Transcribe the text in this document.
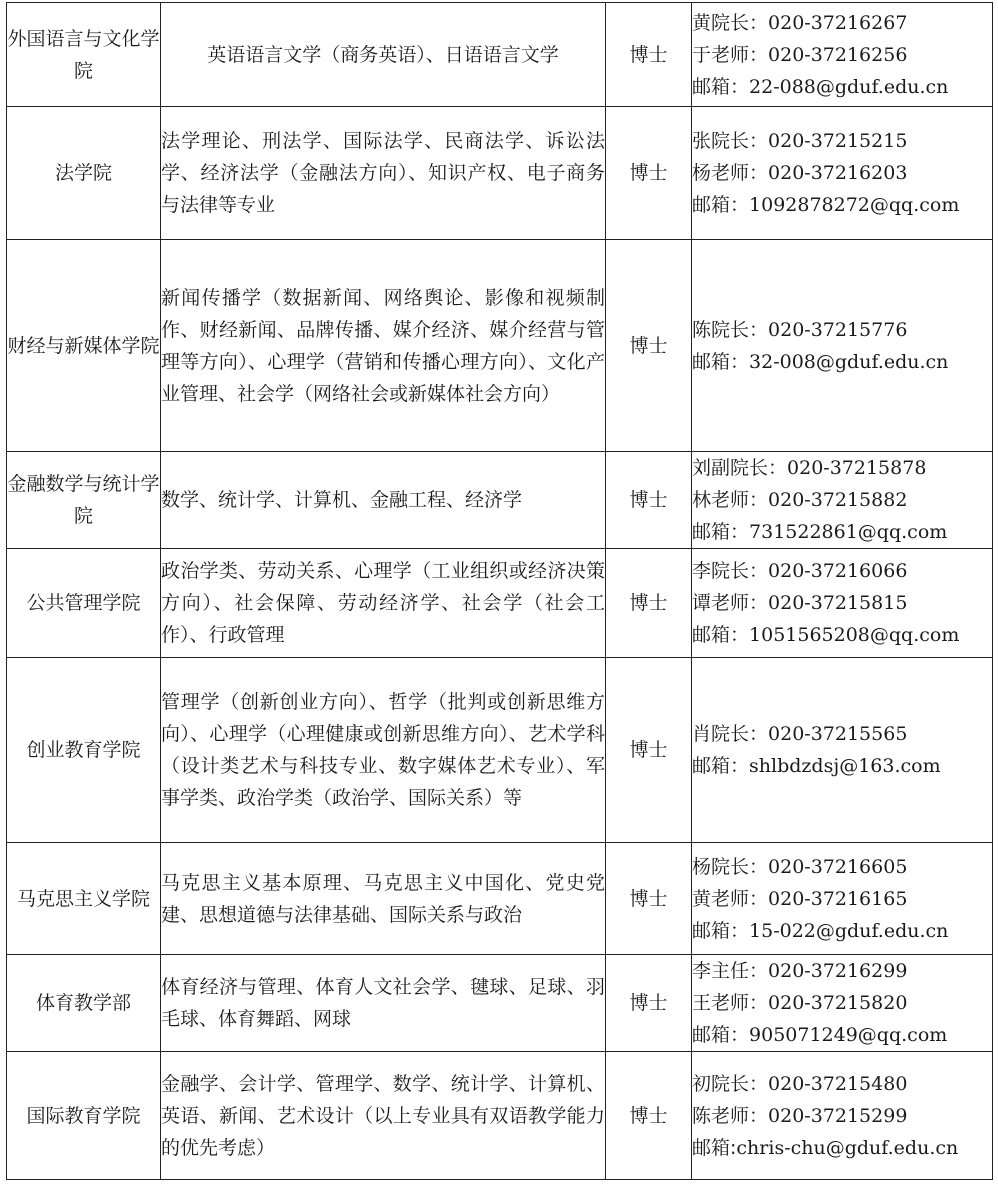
外国语言与文化学院	英语语言文学（商务英语）、日语语言文学	博士	黄院长：020-37216267
于老师：020-37216256
邮箱：22-088@gduf.edu.cn

法学院	法学理论、刑法学、国际法学、民商法学、诉讼法学、经济法学（金融法方向）、知识产权、电子商务与法律等专业	博士	张院长：020-37215215
杨老师：020-37216203
邮箱：1092878272@qq.com

财经与新媒体学院	新闻传播学（数据新闻、网络舆论、影像和视频制作、财经新闻、品牌传播、媒介经济、媒介经营与管理等方向）、心理学（营销和传播心理方向）、文化产业管理、社会学（网络社会或新媒体社会方向）	博士	陈院长：020-37215776
邮箱：32-008@gduf.edu.cn

金融数学与统计学院	数学、统计学、计算机、金融工程、经济学	博士	刘副院长：020-37215878
林老师：020-37215882
邮箱：731522861@qq.com

公共管理学院	政治学类、劳动关系、心理学（工业组织或经济决策方向）、社会保障、劳动经济学、社会学（社会工作）、行政管理	博士	李院长：020-37216066
谭老师：020-37215815
邮箱：1051565208@qq.com

创业教育学院	管理学（创新创业方向）、哲学（批判或创新思维方向）、心理学（心理健康或创新思维方向）、艺术学科（设计类艺术与科技专业、数字媒体艺术专业）、军事学类、政治学类（政治学、国际关系）等	博士	肖院长：020-37215565
邮箱：shlbdzdsj@163.com

马克思主义学院	马克思主义基本原理、马克思主义中国化、党史党建、思想道德与法律基础、国际关系与政治	博士	杨院长：020-37216605
黄老师：020-37216165
邮箱：15-022@gduf.edu.cn

体育教学部	体育经济与管理、体育人文社会学、毽球、足球、羽毛球、体育舞蹈、网球	博士	李主任：020-37216299
王老师：020-37215820
邮箱：905071249@qq.com

国际教育学院	金融学、会计学、管理学、数学、统计学、计算机、英语、新闻、艺术设计（以上专业具有双语教学能力的优先考虑）	博士	初院长：020-37215480
陈老师：020-37215299
邮箱:chris-chu@gduf.edu.cn
